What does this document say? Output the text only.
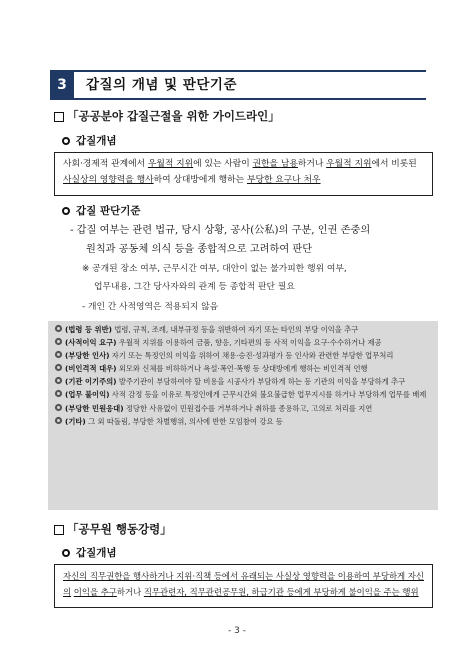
3	갑질의 개념 및 판단기준
「공공분야 갑질근절을 위한 가이드라인」
갑질개념
사회·경제적 관계에서 우월적 지위에 있는 사람이 권한을 남용하거나 우월적 지위에서 비롯된 사실상의 영향력을 행사하여 상대방에게 행하는 부당한 요구나 처우
갑질 판단기준
- 갑질 여부는 관련 법규, 당시 상황, 공사(公私)의 구분, 인권 존중의
원칙과 공동체 의식 등을 종합적으로 고려하여 판단
※ 공개된 장소 여부, 근무시간 여부, 대안이 없는 불가피한 행위 여부,
업무내용, 그간 당사자와의 관계 등 종합적 판단 필요
- 개인 간 사적영역은 적용되지 않음
(법령 등 위반) 법령, 규칙, 조례, 내부규정 등을 위반하여 자기 또는 타인의 부당 이익을 추구
(사적이익 요구) 우월적 지위를 이용하여 금품, 향응, 기타편의 등 사적 이익을 요구·수수하거나 제공
(부당한 인사) 자기 또는 특정인의 이익을 위하여 채용·승진·성과평가 등 인사와 관련한 부당한 업무처리
(비인격적 대우) 외모와 신체를 비하하거나 욕설·폭언·폭행 등 상대방에게 행하는 비인격적 언행
(기관 이기주의) 발주기관이 부담하여야 할 비용을 시공사가 부담하게 하는 등 기관의 이익을 부당하게 추구
(업무 불이익) 사적 감정 등을 이유로 특정인에게 근무시간외 불요불급한 업무지시를 하거나 부당하게 업무를 배제
(부당한 민원응대) 정당한 사유없이 민원접수를 거부하거나 취하를 종용하고, 고의로 처리를 지연
(기타) 그 외 따돌림, 부당한 차별행위, 의사에 반한 모임참여 강요 등
「공무원 행동강령」
갑질개념
자신의 직무권한을 행사하거나 지위·직책 등에서 유래되는 사실상 영향력을 이용하여 부당하게 자신의 이익을 추구하거나 직무관련자, 직무관련공무원, 하급기관 등에게 부당하게 불이익을 주는 행위
- 3 -
